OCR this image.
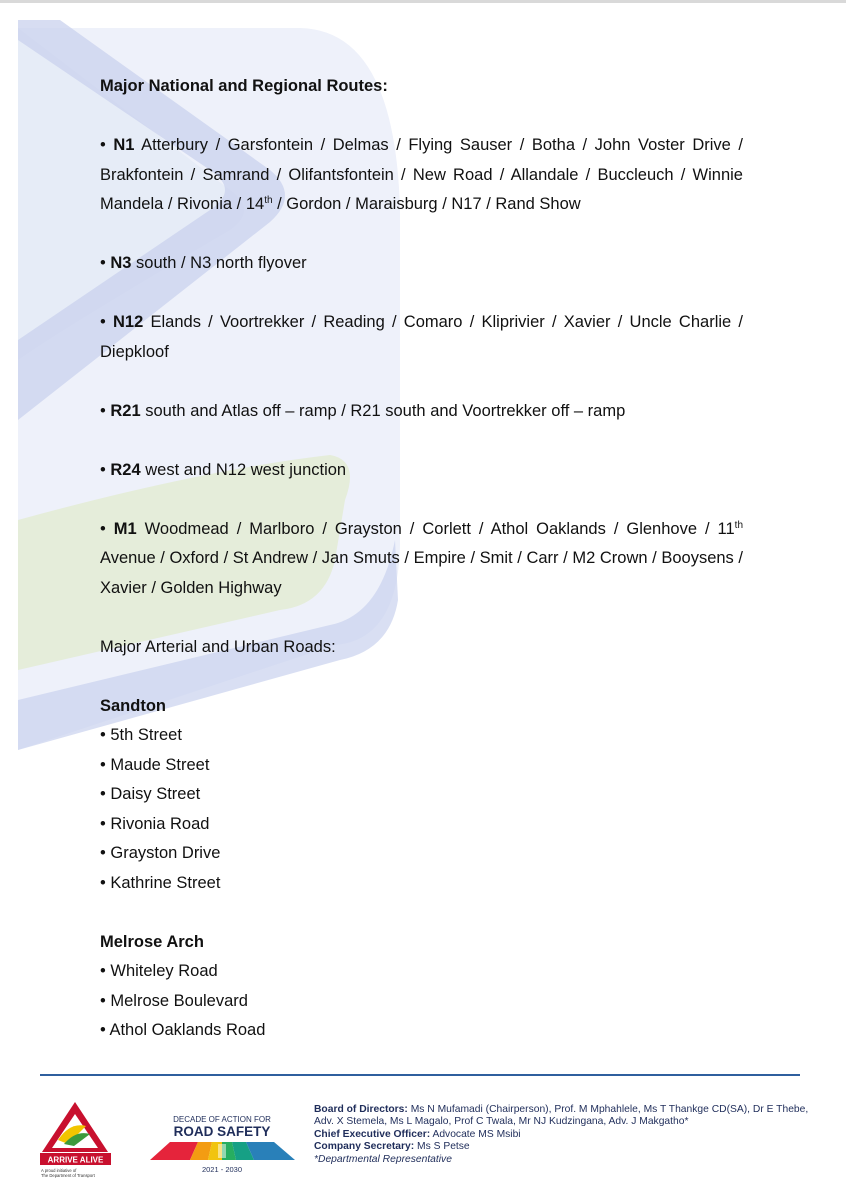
Major National and Regional Routes:

• N1 Atterbury / Garsfontein / Delmas / Flying Sauser / Botha / John Voster Drive / Brakfontein / Samrand / Olifantsfontein / New Road / Allandale / Buccleuch / Winnie Mandela / Rivonia / 14th / Gordon / Maraisburg / N17 / Rand Show

• N3 south / N3 north flyover

• N12 Elands / Voortrekker / Reading / Comaro / Kliprivier / Xavier / Uncle Charlie / Diepkloof

• R21 south and Atlas off – ramp / R21 south and Voortrekker off – ramp

• R24 west and N12 west junction

• M1 Woodmead / Marlboro / Grayston / Corlett / Athol Oaklands / Glenhove / 11th Avenue / Oxford / St Andrew / Jan Smuts / Empire / Smit / Carr / M2 Crown / Booysens / Xavier / Golden Highway

Major Arterial and Urban Roads:

Sandton

• 5th Street

• Maude Street

• Daisy Street

• Rivonia Road

• Grayston Drive

• Kathrine Street

Melrose Arch

• Whiteley Road

• Melrose Boulevard

• Athol Oaklands Road

ARRIVE ALIVE
A proud initiative of
The Department of Transport
DECADE OF ACTION FOR
ROAD SAFETY
2021 - 2030

Board of Directors: Ms N Mufamadi (Chairperson), Prof. M Mphahlele, Ms T Thankge CD(SA), Dr E Thebe, Adv. X Stemela, Ms L Magalo, Prof C Twala, Mr NJ Kudzingana, Adv. J Makgatho*

Chief Executive Officer: Advocate MS Msibi

Company Secretary: Ms S Petse

*Departmental Representative
